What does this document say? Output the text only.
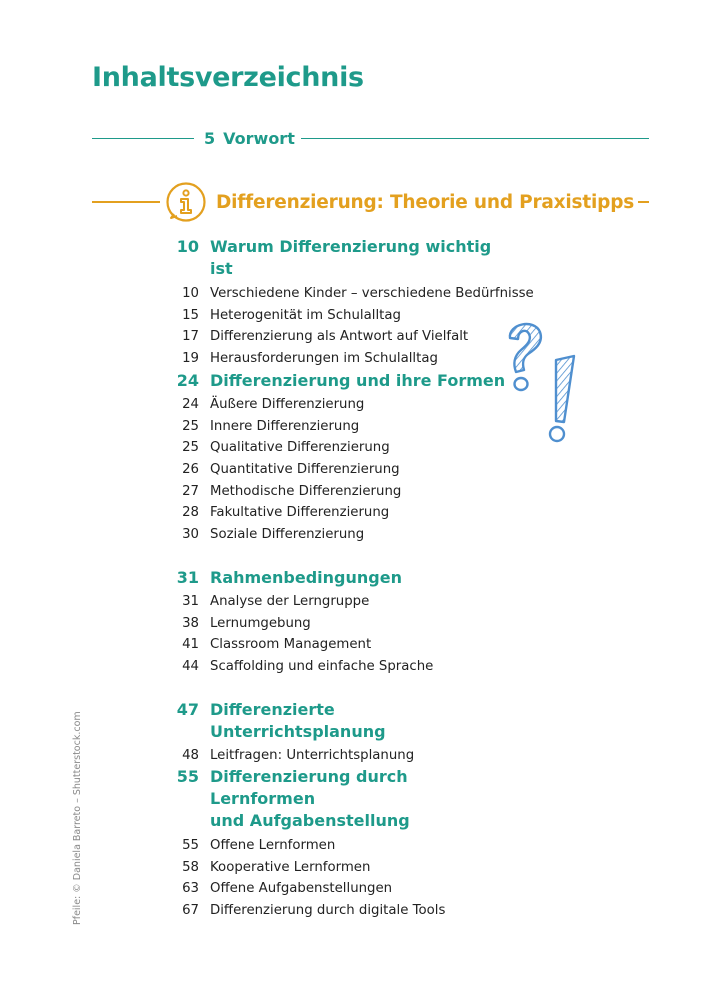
Inhaltsverzeichnis
5 Vorwort
Differenzierung: Theorie und Praxistipps
10 Warum Differenzierung wichtig ist
10 Verschiedene Kinder – verschiedene Bedürfnisse
15 Heterogenität im Schulalltag
17 Differenzierung als Antwort auf Vielfalt
19 Herausforderungen im Schulalltag
24 Differenzierung und ihre Formen
24 Äußere Differenzierung
25 Innere Differenzierung
25 Qualitative Differenzierung
26 Quantitative Differenzierung
27 Methodische Differenzierung
28 Fakultative Differenzierung
30 Soziale Differenzierung
31 Rahmenbedingungen
31 Analyse der Lerngruppe
38 Lernumgebung
41 Classroom Management
44 Scaffolding und einfache Sprache
47 Differenzierte Unterrichtsplanung
48 Leitfragen: Unterrichtsplanung
55 Differenzierung durch Lernformen
und Aufgabenstellung
55 Offene Lernformen
58 Kooperative Lernformen
63 Offene Aufgabenstellungen
67 Differenzierung durch digitale Tools
Pfeile: © Daniela Barreto – Shutterstock.com
